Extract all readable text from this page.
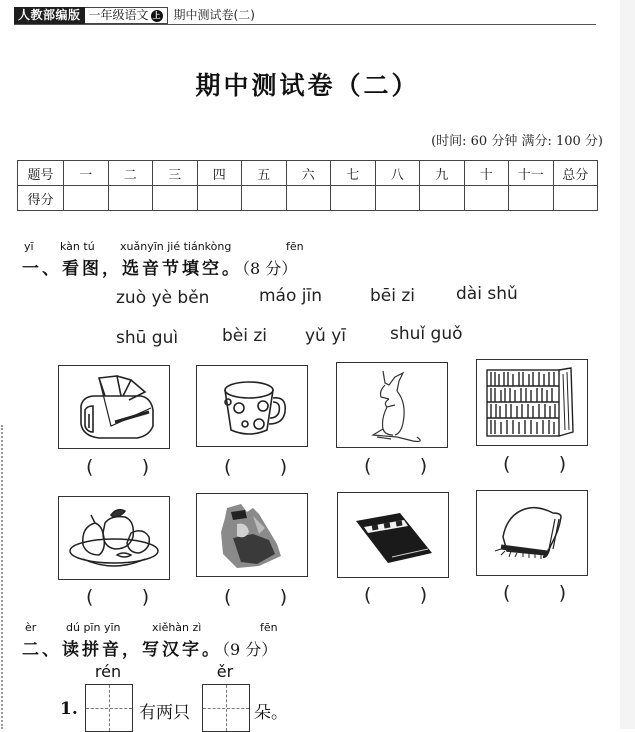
人教部编版 一年级语文 上	期中测试卷(二)
期中测试卷（二）
(时间: 60 分钟 满分: 100 分)
题号	一	二	三	四	五	六	七	八	九	十	十一	总分
得分												
yī kàn tú xuǎnyīn jié tiánkòng	fēn
一、看图，选音节填空。（8 分）
zuò yè běn	máo jīn	bēi zi dài shǔ
shū guì	bèi zi yǔ yī	shuǐ guǒ
(        )	(        )	(        )	(        )
(        )	(        )	(        )	(        )
èr	dú pīn yīn	xiěhàn zì	fēn
二、读拼音，写汉字。（9 分）
1.
rén
有两只
ěr
朵。
